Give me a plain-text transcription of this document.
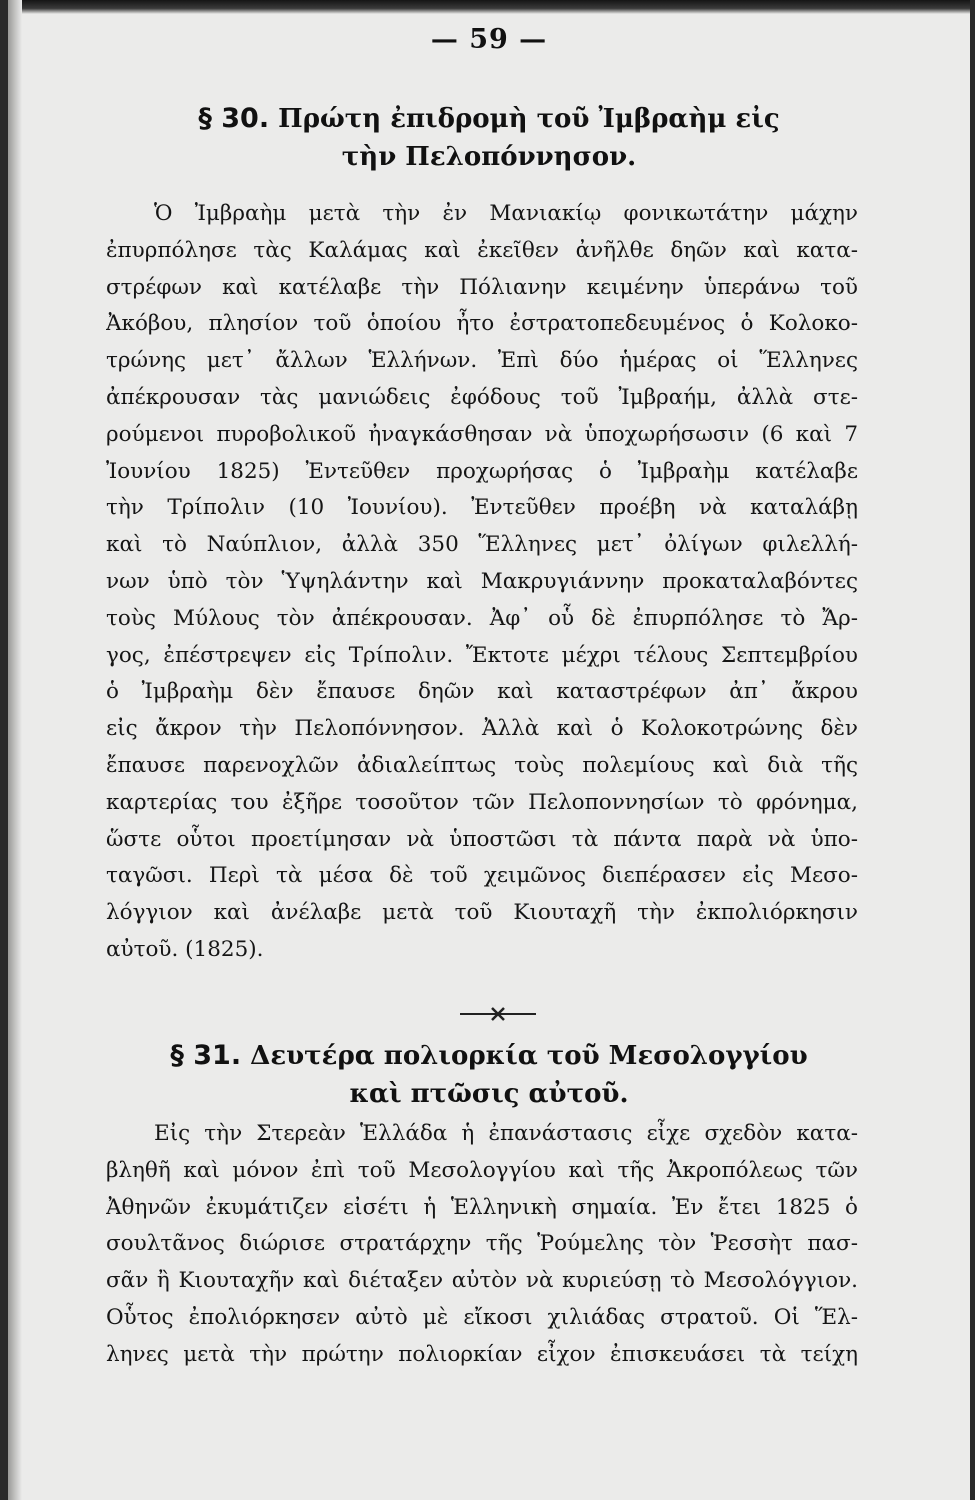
— 59 —
§ 30. Πρώτη ἐπιδρομὴ τοῦ Ἰμβραὴμ εἰς
τὴν Πελοπόννησον.
Ὁ Ἰμβραὴμ μετὰ τὴν ἐν Μανιακίῳ φονικωτάτην μάχην
ἐπυρπόλησε τὰς Καλάμας καὶ ἐκεῖθεν ἀνῆλθε δηῶν καὶ κατα-
στρέφων καὶ κατέλαβε τὴν Πόλιανην κειμένην ὑπεράνω τοῦ
Ἀκόβου, πλησίον τοῦ ὁποίου ἦτο ἐστρατοπεδευμένος ὁ Κολοκο-
τρώνης μετ᾽ ἄλλων Ἑλλήνων. Ἐπὶ δύο ἡμέρας οἱ Ἕλληνες
ἀπέκρουσαν τὰς μανιώδεις ἐφόδους τοῦ Ἰμβραήμ, ἀλλὰ στε-
ρούμενοι πυροβολικοῦ ἠναγκάσθησαν νὰ ὑποχωρήσωσιν (6 καὶ 7
Ἰουνίου 1825) Ἐντεῦθεν προχωρήσας ὁ Ἰμβραὴμ κατέλαβε
τὴν Τρίπολιν (10 Ἰουνίου). Ἐντεῦθεν προέβη νὰ καταλάβῃ
καὶ τὸ Ναύπλιον, ἀλλὰ 350 Ἕλληνες μετ᾽ ὀλίγων φιλελλή-
νων ὑπὸ τὸν Ὑψηλάντην καὶ Μακρυγιάννην προκαταλαβόντες
τοὺς Μύλους τὸν ἀπέκρουσαν. Ἀφ᾽ οὗ δὲ ἐπυρπόλησε τὸ Ἄρ-
γος, ἐπέστρεψεν εἰς Τρίπολιν. Ἔκτοτε μέχρι τέλους Σεπτεμβρίου
ὁ Ἰμβραὴμ δὲν ἔπαυσε δηῶν καὶ καταστρέφων ἀπ᾽ ἄκρου
εἰς ἄκρον τὴν Πελοπόννησον. Ἀλλὰ καὶ ὁ Κολοκοτρώνης δὲν
ἔπαυσε παρενοχλῶν ἀδιαλείπτως τοὺς πολεμίους καὶ διὰ τῆς
καρτερίας του ἐξῆρε τοσοῦτον τῶν Πελοποννησίων τὸ φρόνημα,
ὥστε οὗτοι προετίμησαν νὰ ὑποστῶσι τὰ πάντα παρὰ νὰ ὑπο-
ταγῶσι. Περὶ τὰ μέσα δὲ τοῦ χειμῶνος διεπέρασεν εἰς Μεσο-
λόγγιον καὶ ἀνέλαβε μετὰ τοῦ Κιουταχῆ τὴν ἐκπολιόρκησιν
αὐτοῦ. (1825).
§ 31. Δευτέρα πολιορκία τοῦ Μεσολογγίου
καὶ πτῶσις αὐτοῦ.
Εἰς τὴν Στερεὰν Ἑλλάδα ἡ ἐπανάστασις εἶχε σχεδὸν κατα-
βληθῆ καὶ μόνον ἐπὶ τοῦ Μεσολογγίου καὶ τῆς Ἀκροπόλεως τῶν
Ἀθηνῶν ἐκυμάτιζεν εἰσέτι ἡ Ἑλληνικὴ σημαία. Ἐν ἔτει 1825 ὁ
σουλτᾶνος διώρισε στρατάρχην τῆς Ῥούμελης τὸν Ῥεσσὴτ πασ-
σᾶν ἢ Κιουταχῆν καὶ διέταξεν αὐτὸν νὰ κυριεύσῃ τὸ Μεσολόγγιον.
Οὗτος ἐπολιόρκησεν αὐτὸ μὲ εἴκοσι χιλιάδας στρατοῦ. Οἱ Ἕλ-
ληνες μετὰ τὴν πρώτην πολιορκίαν εἶχον ἐπισκευάσει τὰ τείχη
